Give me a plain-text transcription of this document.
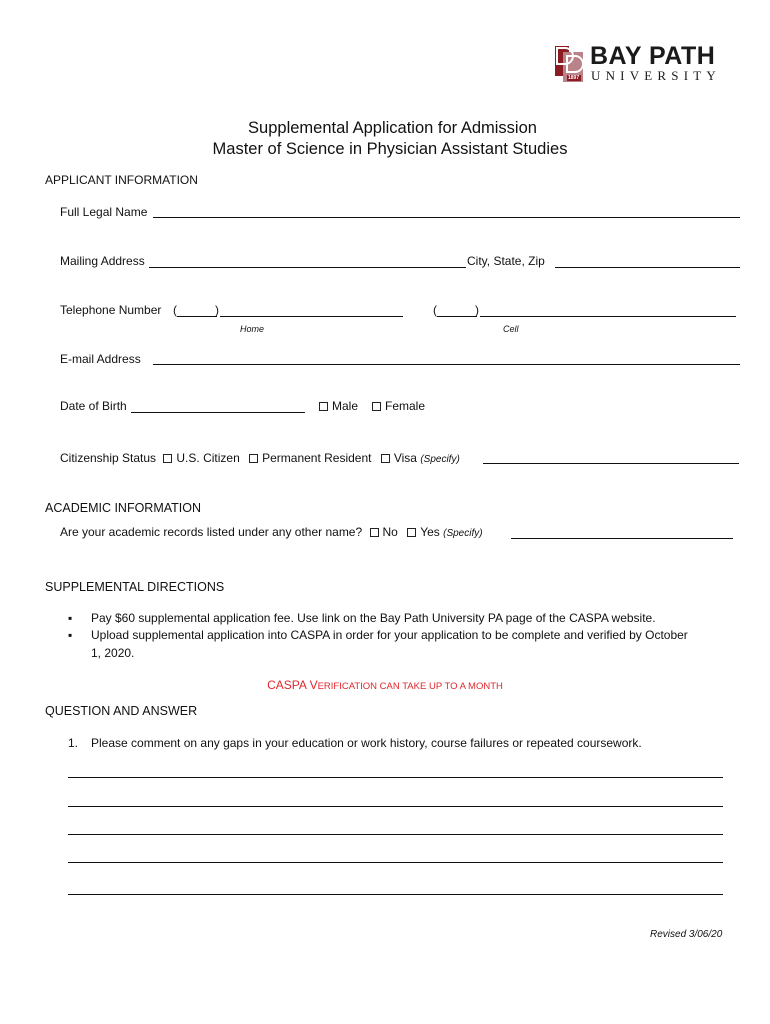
1897
BAY PATH
UNIVERSITY
Supplemental Application for Admission
Master of Science in Physician Assistant Studies
APPLICANT INFORMATION
Full Legal Name
Mailing Address	City, State, Zip
Telephone Number (	)
Home
(	)
Cell
E-mail Address
Date of Birth	Male	Female
Citizenship Status U.S. Citizen Permanent Resident Visa (Specify)
ACADEMIC INFORMATION
Are your academic records listed under any other name? No Yes (Specify)
SUPPLEMENTAL DIRECTIONS
▪ Pay $60 supplemental application fee. Use link on the Bay Path University PA page of the CASPA website.
▪ Upload supplemental application into CASPA in order for your application to be complete and verified by October
1, 2020.
CASPA VERIFICATION CAN TAKE UP TO A MONTH
QUESTION AND ANSWER
1. Please comment on any gaps in your education or work history, course failures or repeated coursework.
Revised 3/06/20
